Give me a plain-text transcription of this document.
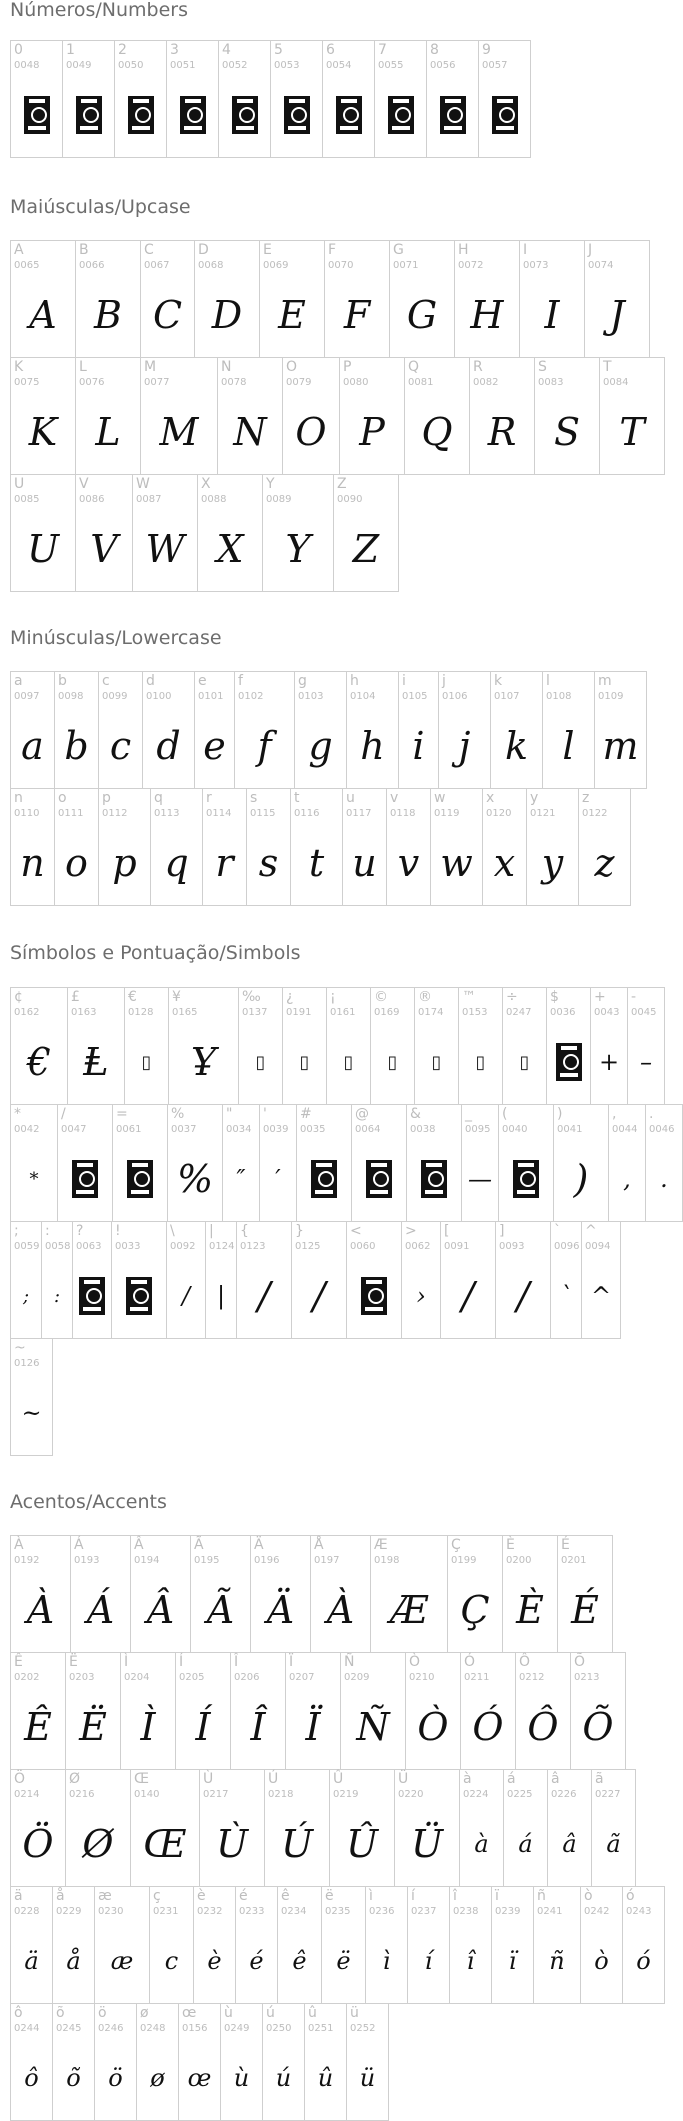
Números/Numbers
0
0048
1
0049
2
0050
3
0051
4
0052
5
0053
6
0054
7
0055
8
0056
9
0057
Maiúsculas/Upcase
A
0065
A
B
0066
B
C
0067
C
D
0068
D
E
0069
E
F
0070
F
G
0071
G
H
0072
H
I
0073
I
J
0074
J
K
0075
K
L
0076
L
M
0077
M
N
0078
N
O
0079
O
P
0080
P
Q
0081
Q
R
0082
R
S
0083
S
T
0084
T
U
0085
U
V
0086
V
W
0087
W
X
0088
X
Y
0089
Y
Z
0090
Z
Minúsculas/Lowercase
a
0097
a
b
0098
b
c
0099
c
d
0100
d
e
0101
e
f
0102
f
g
0103
g
h
0104
h
i
0105
i
j
0106
j
k
0107
k
l
0108
l
m
0109
m
n
0110
n
o
0111
o
p
0112
p
q
0113
q
r
0114
r
s
0115
s
t
0116
t
u
0117
u
v
0118
v
w
0119
w
x
0120
x
y
0121
y
z
0122
z
Símbolos e Pontuação/Simbols
¢
0162
€
£
0163
Ⱡ
€
0128
▯
¥
0165
Ұ
‰
0137
▯
¿
0191
▯
¡
0161
▯
©
0169
▯
®
0174
▯
™
0153
▯
÷
0247
▯
$
0036
+
0043
+
-
0045
–
*
0042
*
/
0047
=
0061
%
0037
%
"
0034
″
'
0039
′
#
0035
@
0064
&
0038
_
0095
—
(
0040
)
0041
)
,
0044
,
.
0046
.
;
0059
;
:
0058
:
?
0063
!
0033
\
0092
/
|
0124
|
{
0123
/
}
0125
/
<
0060
>
0062
›
[
0091
/
]
0093
/
`
0096
`
^
0094
^
~
0126
~
Acentos/Accents
À
0192
À
Á
0193
Á
Â
0194
Â
Ã
0195
Ã
Ä
0196
Ä
Å
0197
À
Æ
0198
Æ
Ç
0199
Ç
È
0200
È
É
0201
É
Ê
0202
Ê
Ë
0203
Ë
Ì
0204
Ì
Í
0205
Í
Î
0206
Î
Ï
0207
Ï
Ñ
0209
Ñ
Ò
0210
Ò
Ó
0211
Ó
Ô
0212
Ô
Õ
0213
Õ
Ö
0214
Ö
Ø
0216
Ø
Œ
0140
Œ
Ù
0217
Ù
Ú
0218
Ú
Û
0219
Û
Ü
0220
Ü
à
0224
à
á
0225
á
â
0226
â
ã
0227
ã
ä
0228
ä
å
0229
å
æ
0230
æ
ç
0231
c
è
0232
è
é
0233
é
ê
0234
ê
ë
0235
ë
ì
0236
ì
í
0237
í
î
0238
î
ï
0239
ï
ñ
0241
ñ
ò
0242
ò
ó
0243
ó
ô
0244
ô
õ
0245
õ
ö
0246
ö
ø
0248
ø
œ
0156
œ
ù
0249
ù
ú
0250
ú
û
0251
û
ü
0252
ü
